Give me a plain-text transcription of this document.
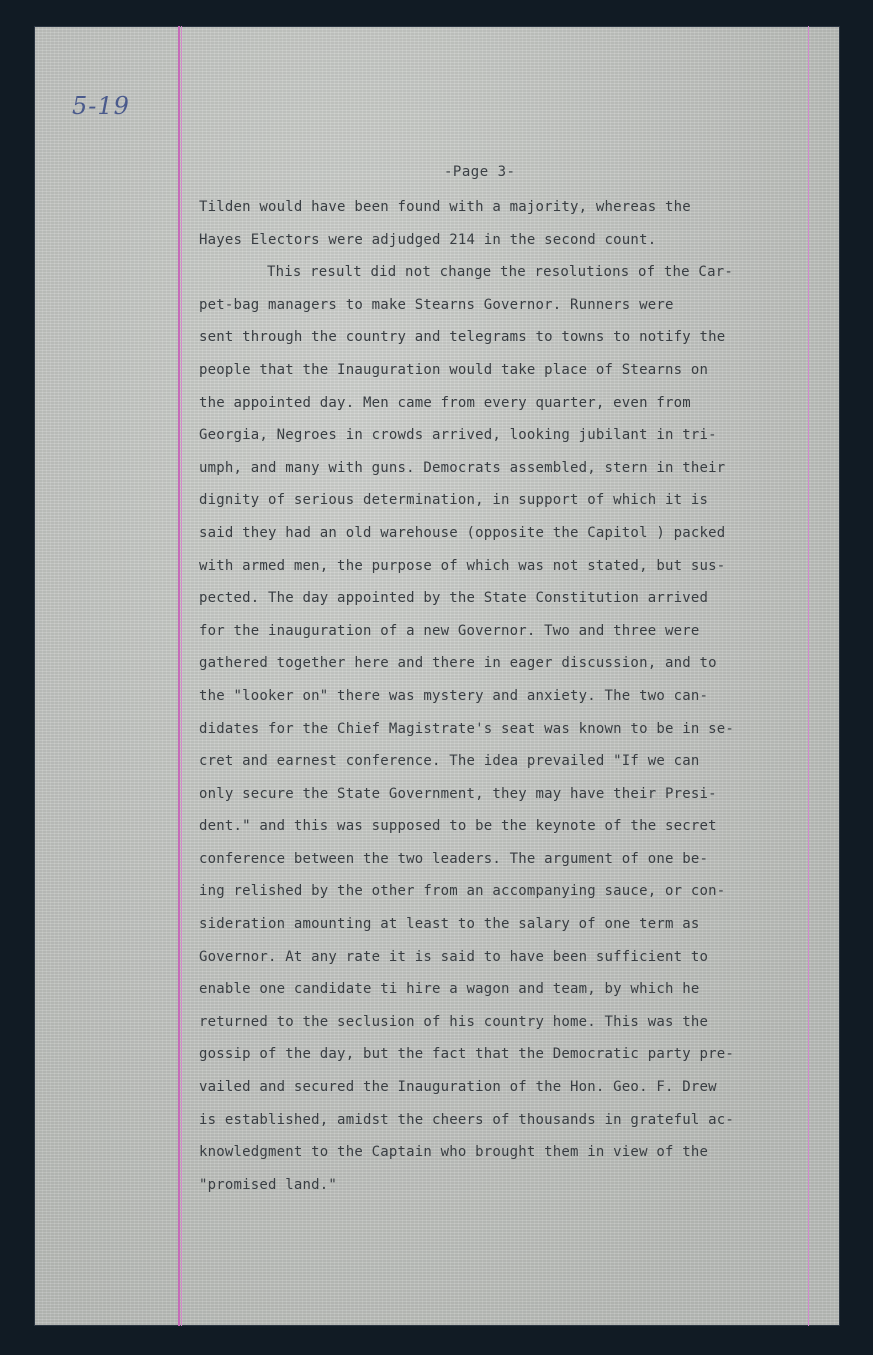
5-19
-Page 3-
Tilden would have been found with a majority, whereas the
Hayes Electors were adjudged 214 in the second count.
This result did not change the resolutions of the Car-
pet-bag managers to make Stearns Governor. Runners were
sent through the country and telegrams to towns to notify the
people that the Inauguration would take place of Stearns on
the appointed day. Men came from every quarter, even from
Georgia, Negroes in crowds arrived, looking jubilant in tri-
umph, and many with guns. Democrats assembled, stern in their
dignity of serious determination, in support of which it is
said they had an old warehouse (opposite the Capitol ) packed
with armed men, the purpose of which was not stated, but sus-
pected. The day appointed by the State Constitution arrived
for the inauguration of a new Governor. Two and three were
gathered together here and there in eager discussion, and to
the "looker on" there was mystery and anxiety. The two can-
didates for the Chief Magistrate's seat was known to be in se-
cret and earnest conference. The idea prevailed "If we can
only secure the State Government, they may have their Presi-
dent." and this was supposed to be the keynote of the secret
conference between the two leaders. The argument of one be-
ing relished by the other from an accompanying sauce, or con-
sideration amounting at least to the salary of one term as
Governor. At any rate it is said to have been sufficient to
enable one candidate ti hire a wagon and team, by which he
returned to the seclusion of his country home. This was the
gossip of the day, but the fact that the Democratic party pre-
vailed and secured the Inauguration of the Hon. Geo. F. Drew
is established, amidst the cheers of thousands in grateful ac-
knowledgment to the Captain who brought them in view of the
"promised land."
